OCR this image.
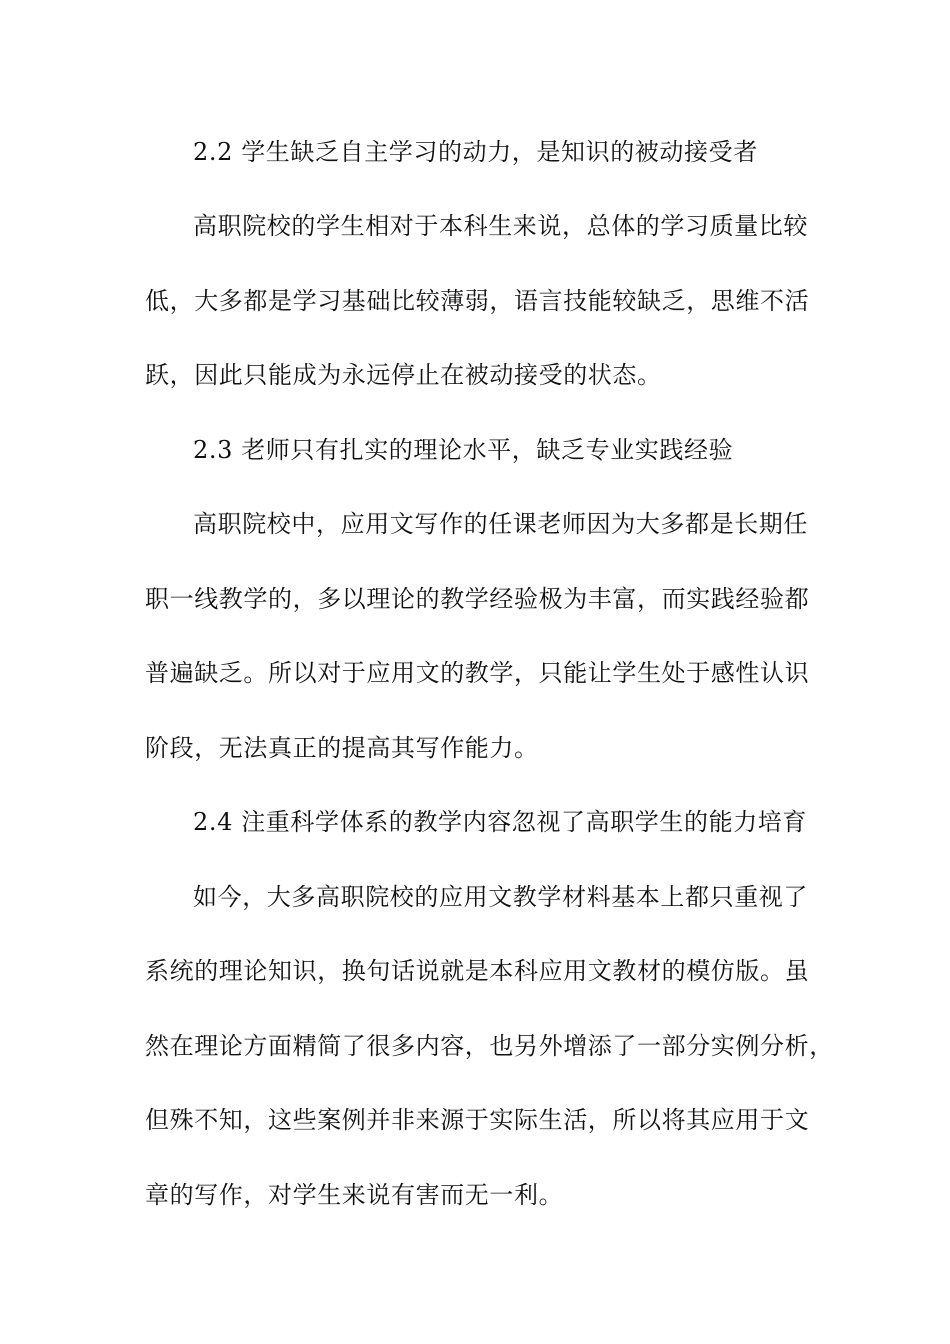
2.2 学生缺乏自主学习的动力，是知识的被动接受者
高职院校的学生相对于本科生来说，总体的学习质量比较
低，大多都是学习基础比较薄弱，语言技能较缺乏，思维不活
跃，因此只能成为永远停止在被动接受的状态。
2.3 老师只有扎实的理论水平，缺乏专业实践经验
高职院校中，应用文写作的任课老师因为大多都是长期任
职一线教学的，多以理论的教学经验极为丰富，而实践经验都
普遍缺乏。所以对于应用文的教学，只能让学生处于感性认识
阶段，无法真正的提高其写作能力。
2.4 注重科学体系的教学内容忽视了高职学生的能力培育
如今，大多高职院校的应用文教学材料基本上都只重视了
系统的理论知识，换句话说就是本科应用文教材的模仿版。虽
然在理论方面精简了很多内容，也另外增添了一部分实例分析，
但殊不知，这些案例并非来源于实际生活，所以将其应用于文
章的写作，对学生来说有害而无一利。
